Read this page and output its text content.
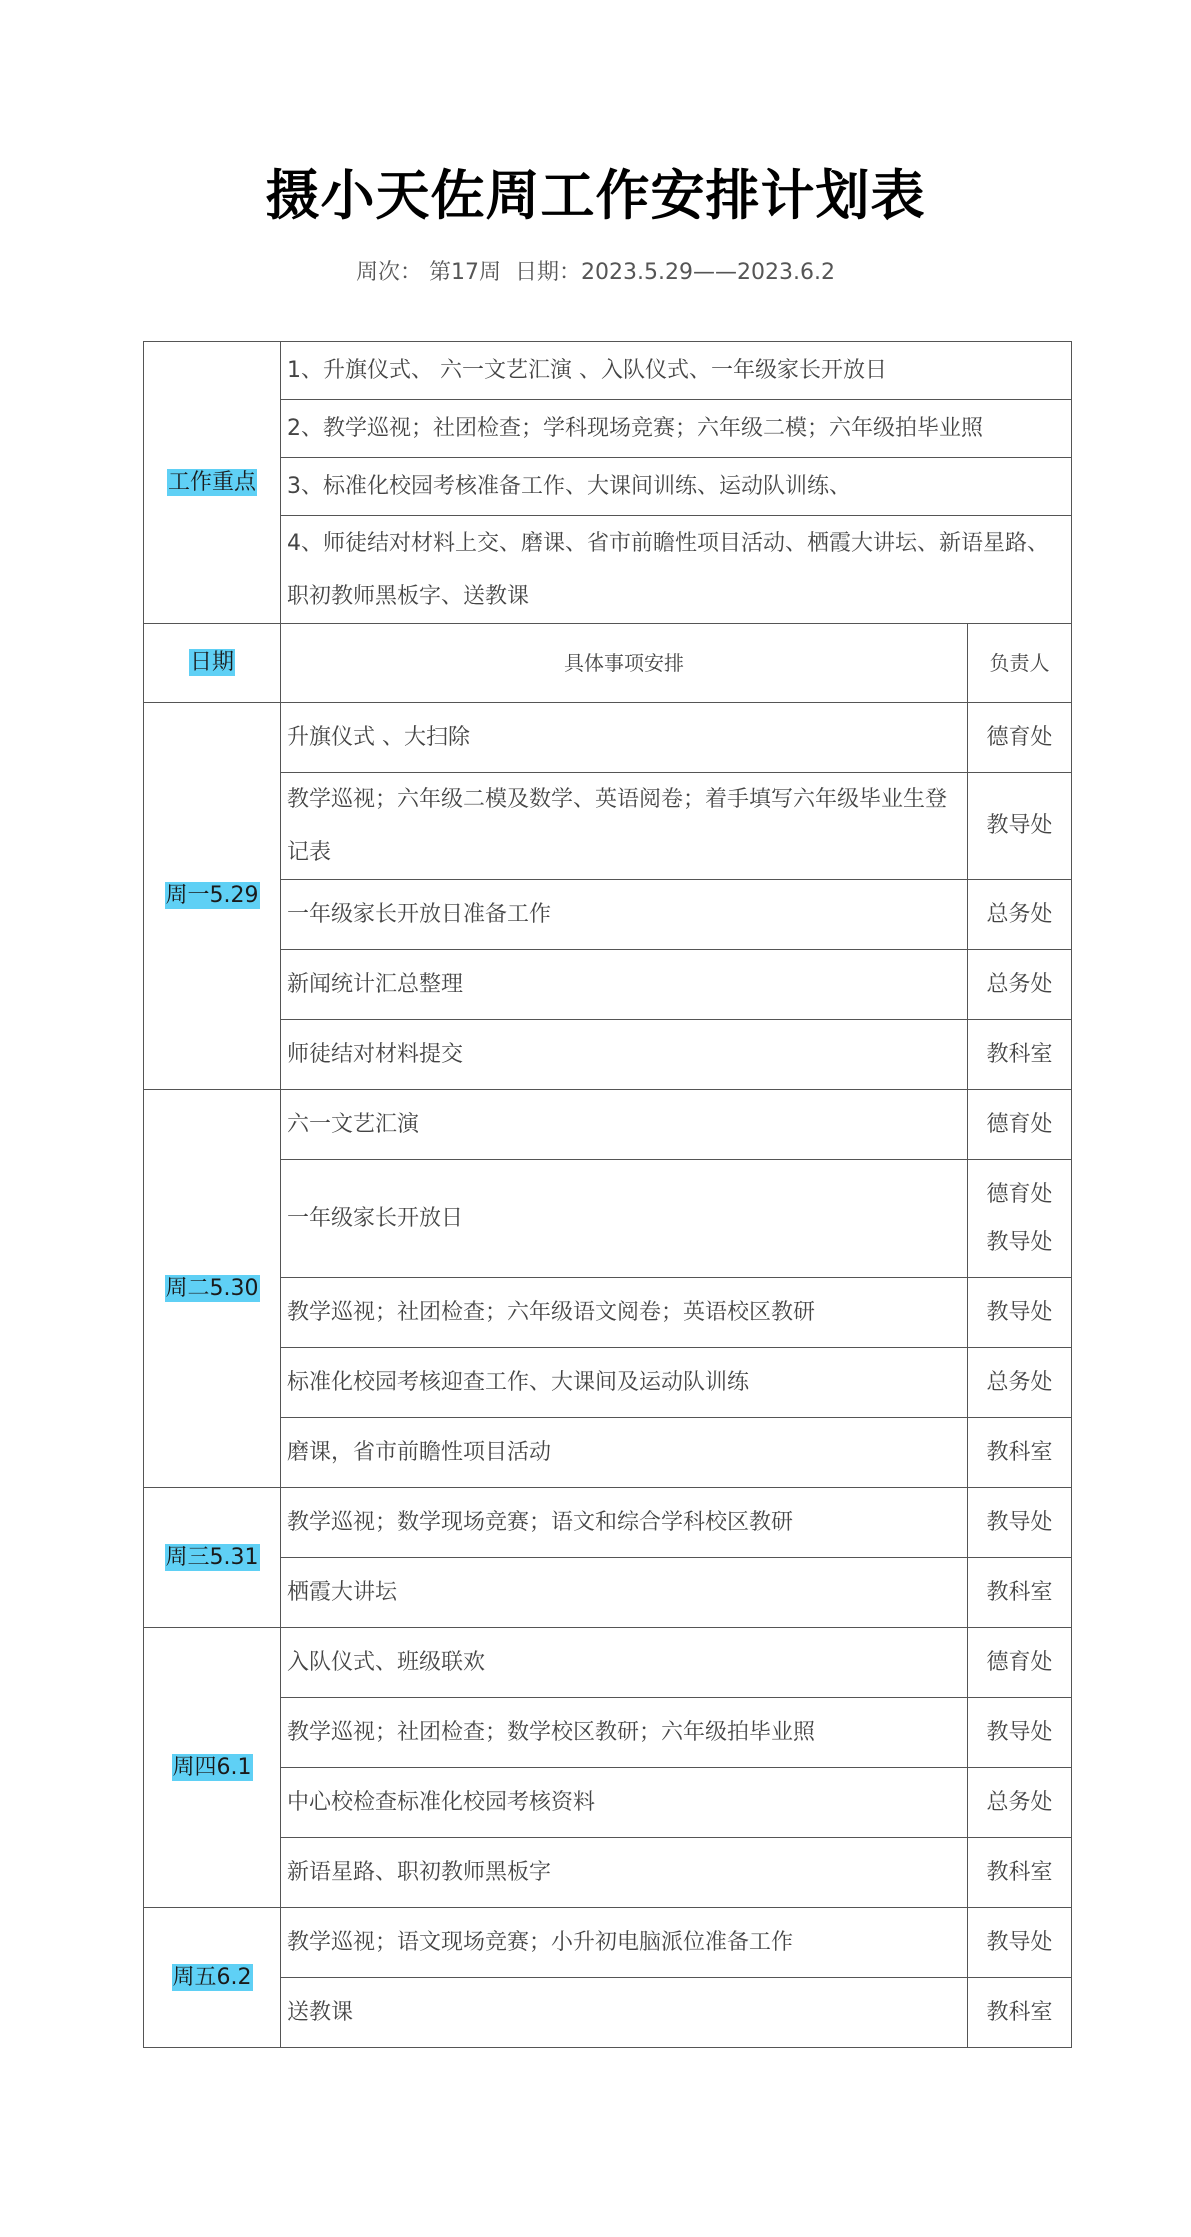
摄小天佐周工作安排计划表
周次： 第17周 日期：2023.5.29——2023.6.2
工作重点	1、升旗仪式、 六一文艺汇演 、入队仪式、一年级家长开放日	
	2、教学巡视；社团检查；学科现场竞赛；六年级二模；六年级拍毕业照	
	3、标准化校园考核准备工作、大课间训练、运动队训练、	
	4、师徒结对材料上交、磨课、省市前瞻性项目活动、栖霞大讲坛、新语星路、职初教师黑板字、送教课	
日期	具体事项安排	负责人
周一5.29	升旗仪式 、大扫除	德育处

	教学巡视；六年级二模及数学、英语阅卷；着手填写六年级毕业生登记表	教导处

	一年级家长开放日准备工作	总务处

	新闻统计汇总整理	总务处

	师徒结对材料提交	教科室

周二5.30	六一文艺汇演	德育处

	一年级家长开放日	德育处
教导处

	教学巡视；社团检查；六年级语文阅卷；英语校区教研	教导处

	标准化校园考核迎查工作、大课间及运动队训练	总务处

	磨课，省市前瞻性项目活动	教科室

周三5.31	教学巡视；数学现场竞赛；语文和综合学科校区教研	教导处

	栖霞大讲坛	教科室

周四6.1	入队仪式、班级联欢	德育处

	教学巡视；社团检查；数学校区教研；六年级拍毕业照	教导处

	中心校检查标准化校园考核资料	总务处

	新语星路、职初教师黑板字	教科室

周五6.2	教学巡视；语文现场竞赛；小升初电脑派位准备工作	教导处

	送教课	教科室
